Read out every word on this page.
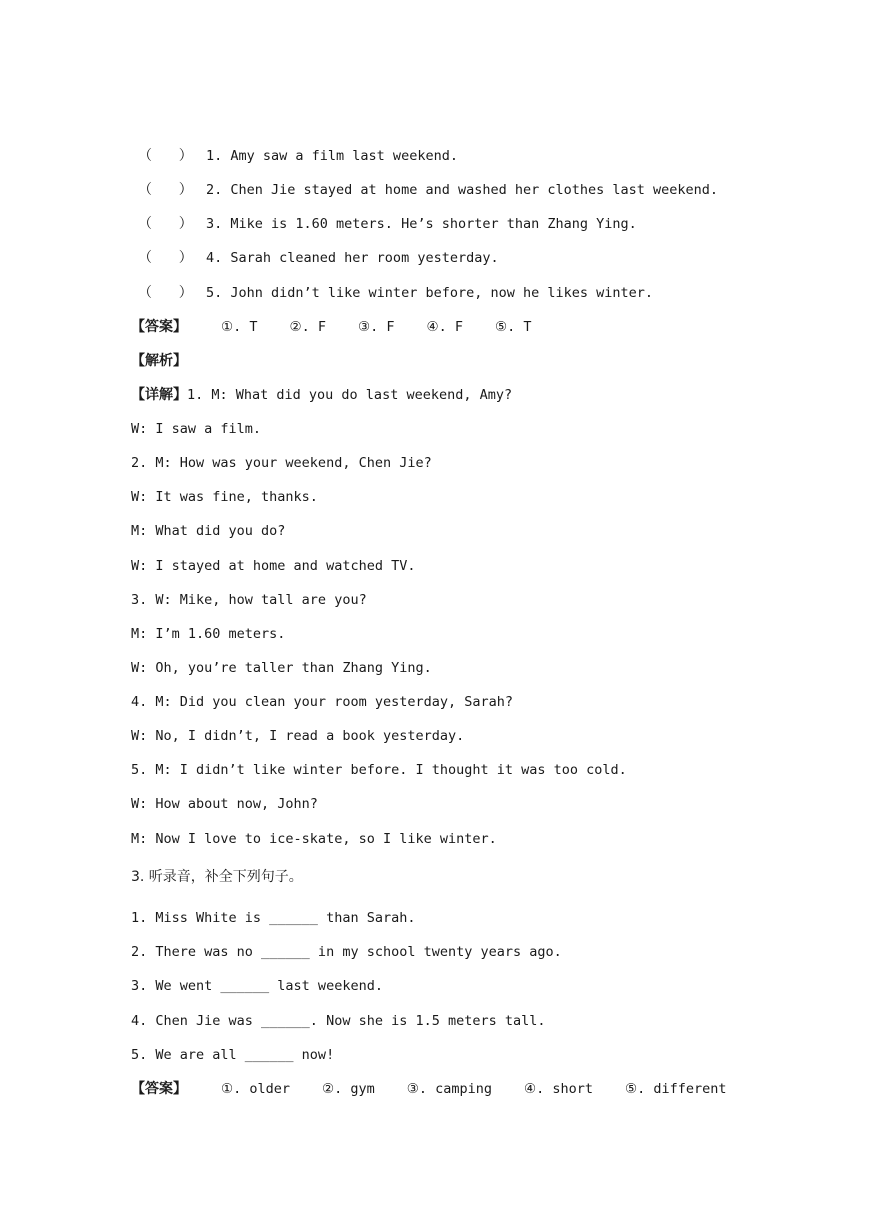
（      ） 1. Amy saw a film last weekend.
（      ） 2. Chen Jie stayed at home and washed her clothes last weekend.
（      ） 3. Mike is 1.60 meters. He’s shorter than Zhang Ying.
（      ） 4. Sarah cleaned her room yesterday.
（      ） 5. John didn’t like winter before, now he likes winter.
【答案】	①. T ②. F ③. F ④. F ⑤. T
【解析】
【详解】1. M: What did you do last weekend, Amy?
W: I saw a film.
2. M: How was your weekend, Chen Jie?
W: It was fine, thanks.
M: What did you do?
W: I stayed at home and watched TV.
3. W: Mike, how tall are you?
M: I’m 1.60 meters.
W: Oh, you’re taller than Zhang Ying.
4. M: Did you clean your room yesterday, Sarah?
W: No, I didn’t, I read a book yesterday.
5. M: I didn’t like winter before. I thought it was too cold.
W: How about now, John?
M: Now I love to ice-skate, so I like winter.
3. 听录音，补全下列句子。
1. Miss White is ______ than Sarah.
2. There was no ______ in my school twenty years ago.
3. We went ______ last weekend.
4. Chen Jie was ______. Now she is 1.5 meters tall.
5. We are all ______ now!
【答案】	①. older ②. gym ③. camping ④. short ⑤. different
